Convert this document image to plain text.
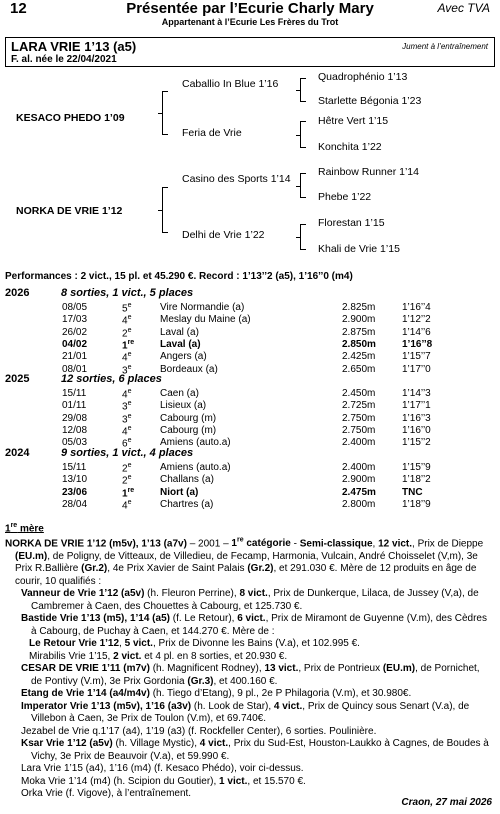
12	Présentée par l’Ecurie Charly Mary	Avec TVA
Appartenant à l’Ecurie Les Frères du Trot
LARA VRIE 1’13 (a5)	Jument à l’entraînement
F. al. née le 22/04/2021
KESACO PHEDO 1’09
NORKA DE VRIE 1’12
Caballio In Blue 1’16
Feria de Vrie
Casino des Sports 1’14
Delhi de Vrie 1’22
Quadrophénio 1’13
Starlette Bégonia 1’23
Hêtre Vert 1’15
Konchita 1’22
Rainbow Runner 1’14
Phebe 1’22
Florestan 1’15
Khali de Vrie 1’15
Performances : 2 vict., 15 pl. et 45.290 €. Record : 1’13’’2 (a5), 1’16’’0 (m4)
2026	8 sorties, 1 vict., 5 places
08/05	5e	Vire Normandie (a)	2.825m	1’16’’4
17/03	4e	Meslay du Maine (a)	2.900m	1’12’’2
26/02	2e	Laval (a)	2.875m	1’14’’6
04/02	1re	Laval (a)	2.850m	1’16’’8
21/01	4e	Angers (a)	2.425m	1’15’’7
08/01	3e	Bordeaux (a)	2.650m	1’17’’0
2025	12 sorties, 6 places
15/11	4e	Caen (a)	2.450m	1’14’’3
01/11	3e	Lisieux (a)	2.725m	1’17’’1
29/08	3e	Cabourg (m)	2.750m	1’16’’3
12/08	4e	Cabourg (m)	2.750m	1’16’’0
05/03	6e	Amiens (auto.a)	2.400m	1’15’’2
2024	9 sorties, 1 vict., 4 places
15/11	2e	Amiens (auto.a)	2.400m	1’15’’9
13/10	2e	Challans (a)	2.900m	1’18’’2
23/06	1re	Niort (a)	2.475m	TNC
28/04	4e	Chartres (a)	2.800m	1’18’’9
1re mère

NORKA DE VRIE 1’12 (m5v), 1’13 (a7v) – 2001 – 1re catégorie - Semi-classique, 12 vict., Prix de Dieppe (EU.m), de Poligny, de Vitteaux, de Villedieu, de Fecamp, Harmonia, Vulcain, André Choisselet (V,m), 3e Prix R.Ballière (Gr.2), 4e Prix Xavier de Saint Palais (Gr.2), et 291.030 €. Mère de 12 produits en âge de courir, 10 qualifiés :

Vanneur de Vrie 1’12 (a5v) (h. Fleuron Perrine), 8 vict., Prix de Dunkerque, Lilaca, de Jussey (V,a), de Cambremer à Caen, des Chouettes à Cabourg, et 125.730 €.

Bastide Vrie 1’13 (m5), 1’14 (a5) (f. Le Retour), 6 vict., Prix de Miramont de Guyenne (V.m), des Cèdres à Cabourg, de Puchay à Caen, et 144.270 €. Mère de :

Le Retour Vrie 1’12, 5 vict., Prix de Divonne les Bains (V.a), et 102.995 €.

Mirabilis Vrie 1’15, 2 vict. et 4 pl. en 8 sorties, et 20.930 €.

CESAR DE VRIE 1’11 (m7v) (h. Magnificent Rodney), 13 vict., Prix de Pontrieux (EU.m), de Pornichet, de Pontivy (V.m), 3e Prix Gordonia (Gr.3), et 400.160 €.

Etang de Vrie 1’14 (a4/m4v) (h. Tiego d’Etang), 9 pl., 2e P Philagoria (V.m), et 30.980€.

Imperator Vrie 1’13 (m5v), 1’16 (a3v) (h. Look de Star), 4 vict., Prix de Quincy sous Senart (V.a), de Villebon à Caen, 3e Prix de Toulon (V.m), et 69.740€.

Jezabel de Vrie q.1’17 (a4), 1’19 (a3) (f. Rockfeller Center), 6 sorties. Poulinière.

Ksar Vrie 1’12 (a5v) (h. Village Mystic), 4 vict., Prix du Sud-Est, Houston-Laukko à Cagnes, de Boudes à Vichy, 3e Prix de Beauvoir (V.a), et 59.990 €.

Lara Vrie 1’15 (a4), 1’16 (m4) (f. Kesaco Phédo), voir ci-dessus.

Moka Vrie 1’14 (m4) (h. Scipion du Goutier), 1 vict., et 15.570 €.

Orka Vrie (f. Vigove), à l’entraînement.

Craon, 27 mai 2026
